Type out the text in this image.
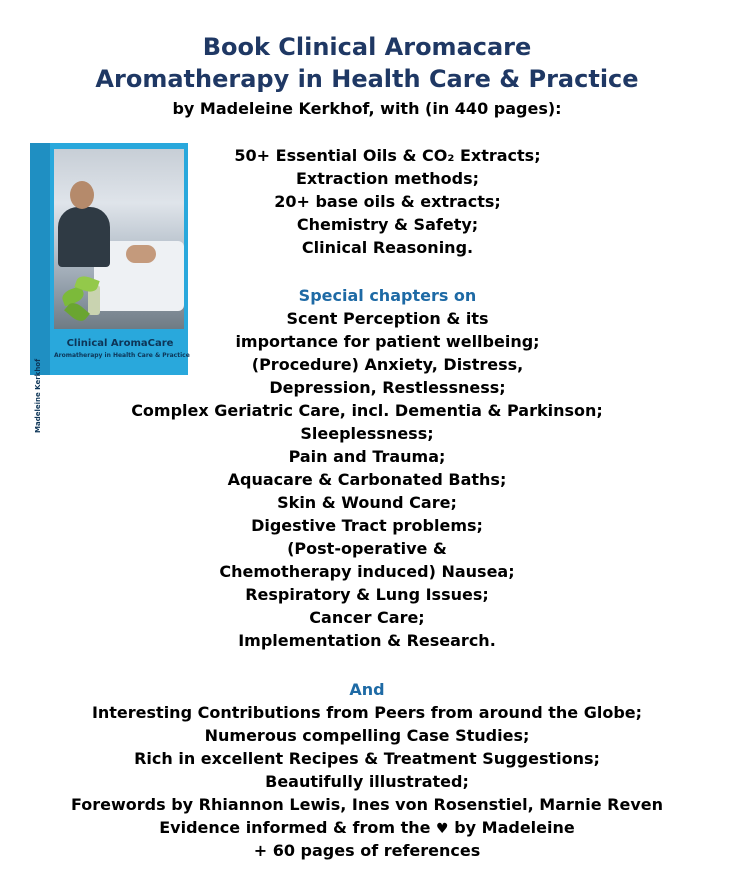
Book Clinical Aromacare
Aromatherapy in Health Care & Practice
by Madeleine Kerkhof, with (in 440 pages):
Madeleine Kerkhof
Clinical AromaCare
Aromatherapy in Health Care & Practice
50+ Essential Oils & CO₂ Extracts;
Extraction methods;
20+ base oils & extracts;
Chemistry & Safety;
Clinical Reasoning.
Special chapters on
Scent Perception & its
importance for patient wellbeing;
(Procedure) Anxiety, Distress,
Depression, Restlessness;
Complex Geriatric Care, incl. Dementia & Parkinson;
Sleeplessness;
Pain and Trauma;
Aquacare & Carbonated Baths;
Skin & Wound Care;
Digestive Tract problems;
(Post-operative &
Chemotherapy induced) Nausea;
Respiratory & Lung Issues;
Cancer Care;
Implementation & Research.
And
Interesting Contributions from Peers from around the Globe;
Numerous compelling Case Studies;
Rich in excellent Recipes & Treatment Suggestions;
Beautifully illustrated;
Forewords by Rhiannon Lewis, Ines von Rosenstiel, Marnie Reven
Evidence informed & from the ♥ by Madeleine
+ 60 pages of references
